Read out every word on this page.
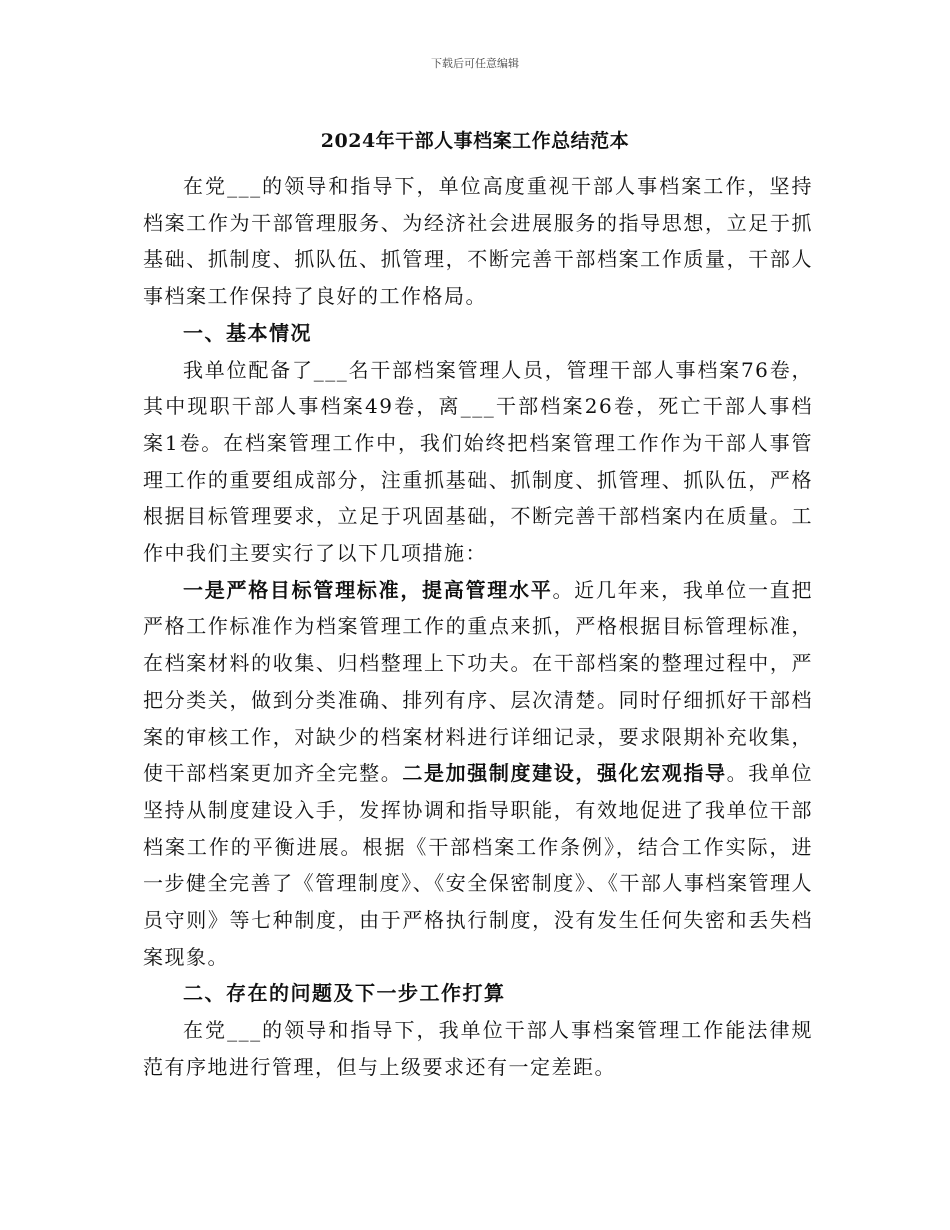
下载后可任意编辑
2024年干部人事档案工作总结范本

在党___的领导和指导下，单位高度重视干部人事档案工作，坚持档案工作为干部管理服务、为经济社会进展服务的指导思想，立足于抓基础、抓制度、抓队伍、抓管理，不断完善干部档案工作质量，干部人事档案工作保持了良好的工作格局。

一、基本情况

我单位配备了___名干部档案管理人员，管理干部人事档案76卷，其中现职干部人事档案49卷，离___干部档案26卷，死亡干部人事档案1卷。在档案管理工作中，我们始终把档案管理工作作为干部人事管理工作的重要组成部分，注重抓基础、抓制度、抓管理、抓队伍，严格根据目标管理要求，立足于巩固基础，不断完善干部档案内在质量。工作中我们主要实行了以下几项措施：

一是严格目标管理标准，提高管理水平。近几年来，我单位一直把严格工作标准作为档案管理工作的重点来抓，严格根据目标管理标准，在档案材料的收集、归档整理上下功夫。在干部档案的整理过程中，严把分类关，做到分类准确、排列有序、层次清楚。同时仔细抓好干部档案的审核工作，对缺少的档案材料进行详细记录，要求限期补充收集，使干部档案更加齐全完整。二是加强制度建设，强化宏观指导。我单位坚持从制度建设入手，发挥协调和指导职能，有效地促进了我单位干部档案工作的平衡进展。根据《干部档案工作条例》，结合工作实际，进一步健全完善了《管理制度》、《安全保密制度》、《干部人事档案管理人员守则》等七种制度，由于严格执行制度，没有发生任何失密和丢失档案现象。

二、存在的问题及下一步工作打算

在党___的领导和指导下，我单位干部人事档案管理工作能法律规范有序地进行管理，但与上级要求还有一定差距。
